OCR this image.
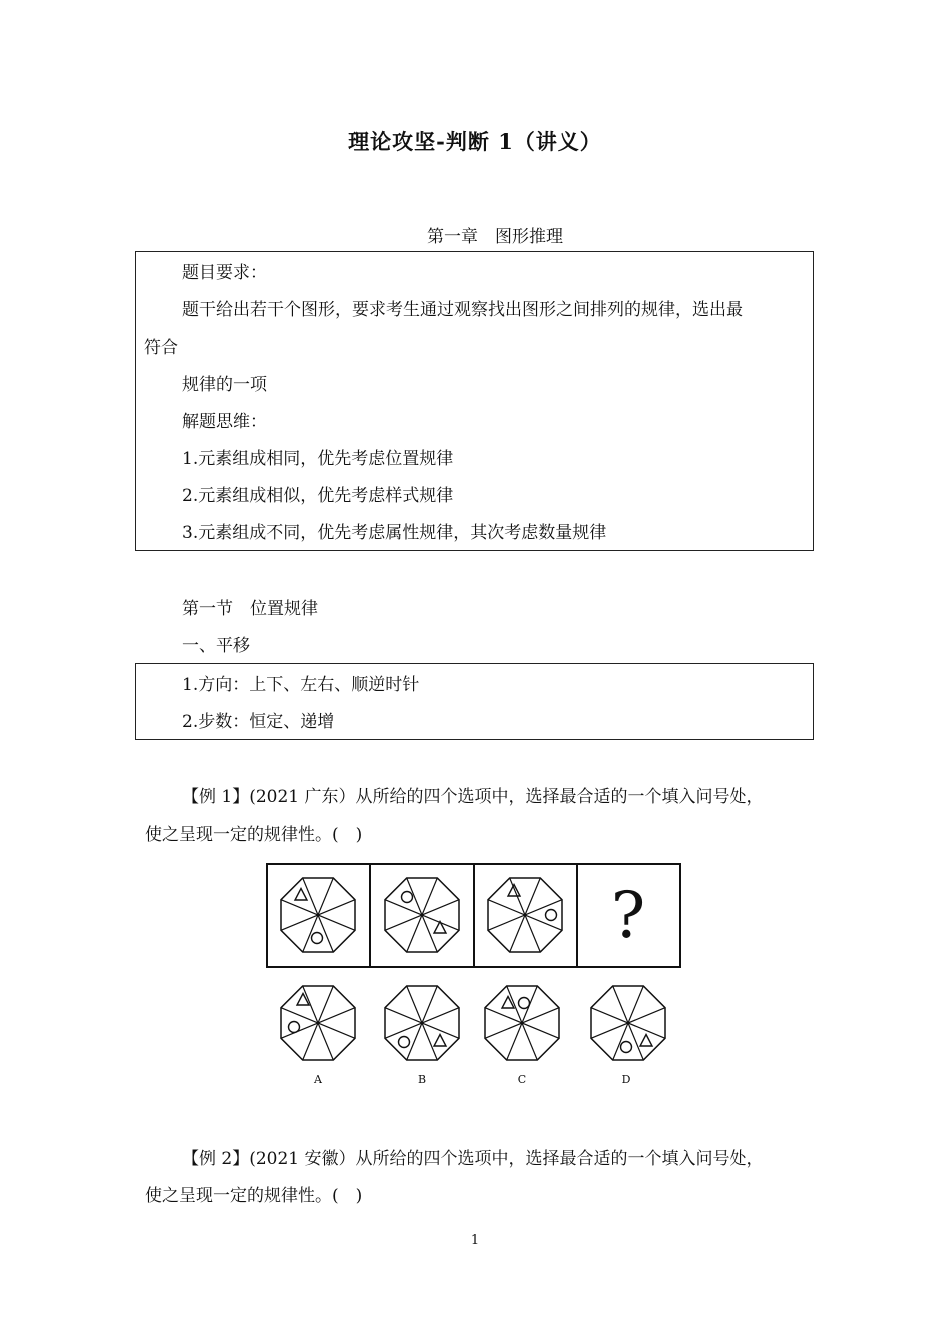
理论攻坚-判断 1（讲义）
第一章　图形推理
题目要求：
题干给出若干个图形，要求考生通过观察找出图形之间排列的规律，选出最
符合
规律的一项
解题思维：
1.元素组成相同，优先考虑位置规律
2.元素组成相似，优先考虑样式规律
3.元素组成不同，优先考虑属性规律，其次考虑数量规律
第一节　位置规律
一、平移
1.方向：上下、左右、顺逆时针
2.步数：恒定、递增
【例 1】(2021 广东）从所给的四个选项中，选择最合适的一个填入问号处，
使之呈现一定的规律性。(　)
?
A	B	C	D
【例 2】(2021 安徽）从所给的四个选项中，选择最合适的一个填入问号处，
使之呈现一定的规律性。(　)
1
